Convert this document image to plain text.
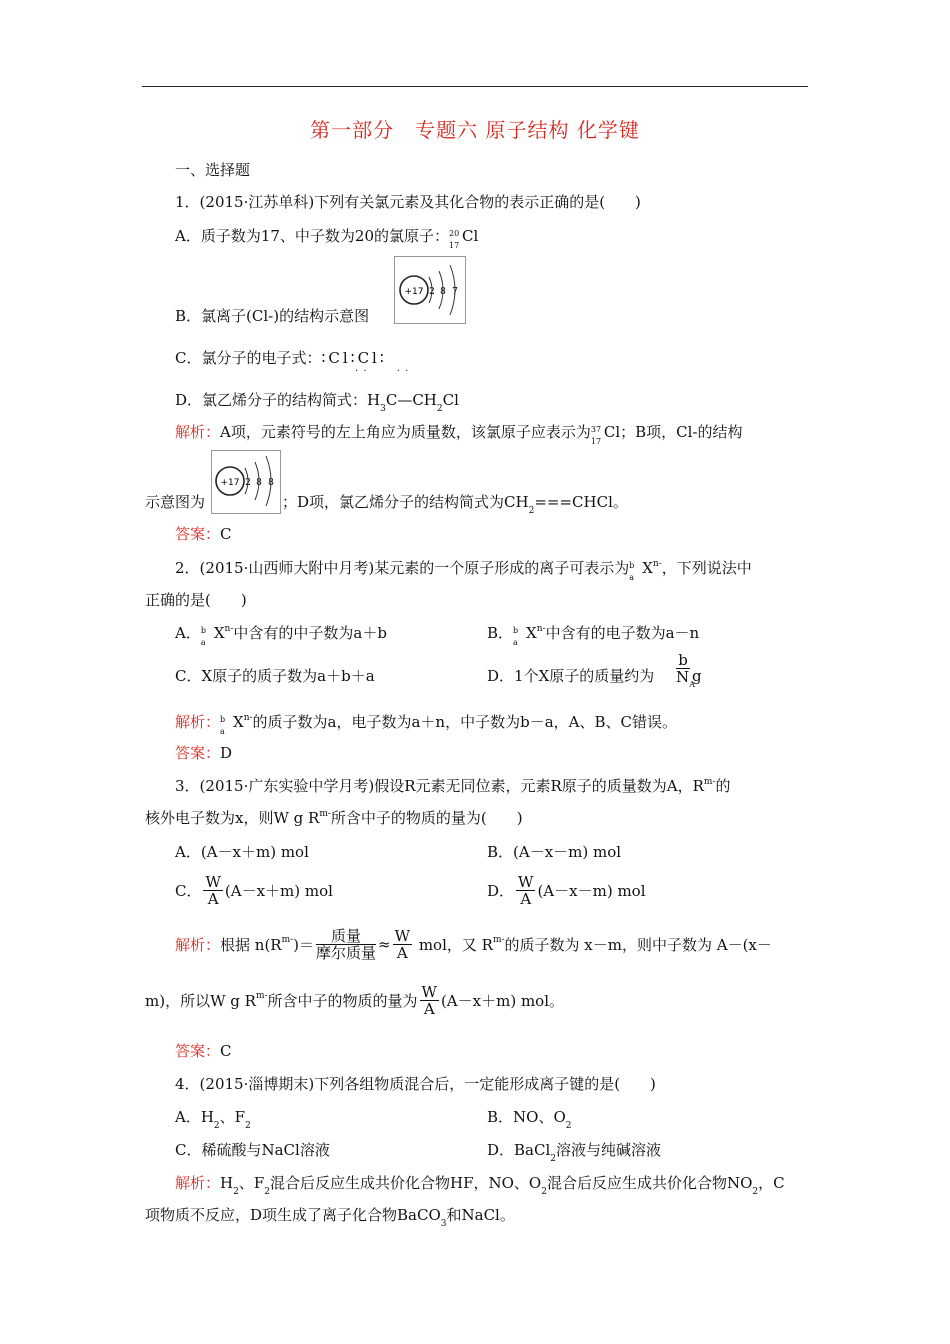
第一部分　专题六 原子结构 化学键
一、选择题
1．(2015·江苏单科)下列有关氯元素及其化合物的表示正确的是(　　)
A．质子数为17、中子数为20的氯原子： 20
17
Cl
+17 2 8 7
B．氯离子(Cl-)的结构示意图
C．氯分子的电子式：∶Cl∶Cl∶
· ·       · ·
D．氯乙烯分子的结构简式：$H_3C—CH_2Cl$
解析：A项，元素符号的左上角应为质量数，该氯原子应表示为 37
17
Cl；B项，Cl-的结构
+17 2 8 8
示意图为	；D项，氯乙烯分子的结构简式为$CH_2===CHCl$。
答案：C
2．(2015·山西师大附中月考)某元素的一个原子形成的离子可表示为 b
a
$X^{n-}$，下列说法中
正确的是(　　)
A． b
a
$X^{n-}$中含有的中子数为a＋b	B． b
a
$X^{n-}$中含有的电子数为a－n
C．X原子的质子数为a＋b＋a	D．1个X原子的质量约为
b
$N_A$
g
解析： b
a
$X^{n-}$的质子数为a，电子数为a＋n，中子数为b－a，A、B、C错误。
答案：D
3．(2015·广东实验中学月考)假设R元素无同位素，元素R原子的质量数为A，$R^{m-}$的
核外电子数为x，则W g $R^{m-}$所含中子的物质的量为(　　)
A．(A－x＋m) mol	B．(A－x－m) mol
C． $\frac{W}{A} (A-x+m)$ mol	D． $\frac{W}{A} (A-x-m)$ mol
解析：根据 $n(R^{m-})= \frac{\text{质量}}{\text{摩尔质量}} \approx \frac{W}{A}$ mol，又 $R^{m-}$的质子数为 x－m，则中子数为 A－(x－
m)，所以W g $R^{m-}$所含中子的物质的量为 $\frac{W}{A} (A-x+m)$ mol。
答案：C
4．(2015·淄博期末)下列各组物质混合后，一定能形成离子键的是(　　)
A．$H_2$、$F_2$	B．NO、$O_2$
C．稀硫酸与NaCl溶液	D．BaCl$_2$溶液与纯碱溶液
解析：$H_2$、$F_2$混合后反应生成共价化合物HF，NO、$O_2$混合后反应生成共价化合物$NO_2$，C
项物质不反应，D项生成了离子化合物BaCO$_3$和NaCl。
